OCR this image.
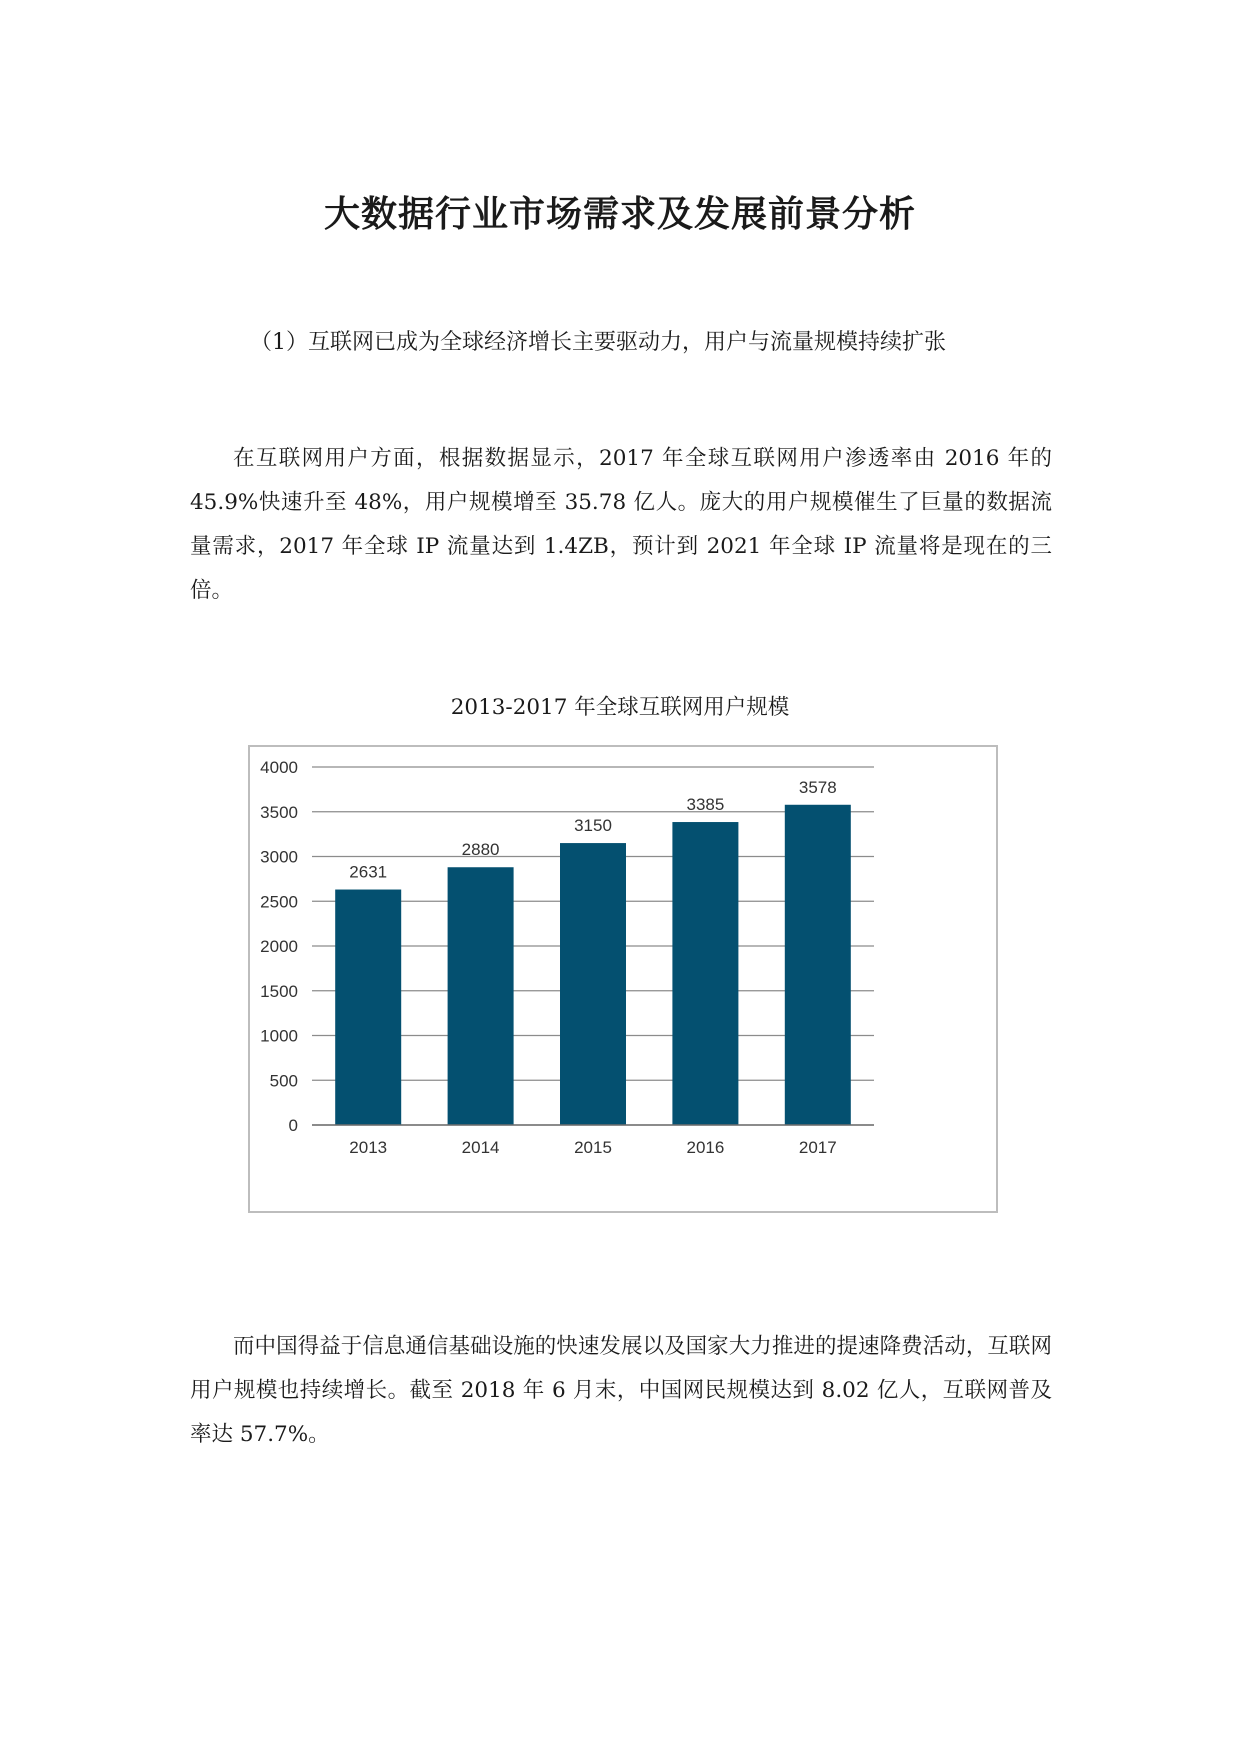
大数据行业市场需求及发展前景分析

（1）互联网已成为全球经济增长主要驱动力，用户与流量规模持续扩张

在互联网用户方面，根据数据显示，2017 年全球互联网用户渗透率由 2016 年的 45.9%快速升至 48%，用户规模增至 35.78 亿人。庞大的用户规模催生了巨量的数据流量需求，2017 年全球 IP 流量达到 1.4ZB，预计到 2021 年全球 IP 流量将是现在的三倍。

2013-2017 年全球互联网用户规模

0
500
1000
1500
2000
2500
3000
3500
4000
2631
2880
3150
3385
3578
2013	2014	2015	2016	2017

而中国得益于信息通信基础设施的快速发展以及国家大力推进的提速降费活动，互联网用户规模也持续增长。截至 2018 年 6 月末，中国网民规模达到 8.02 亿人，互联网普及率达 57.7%。
